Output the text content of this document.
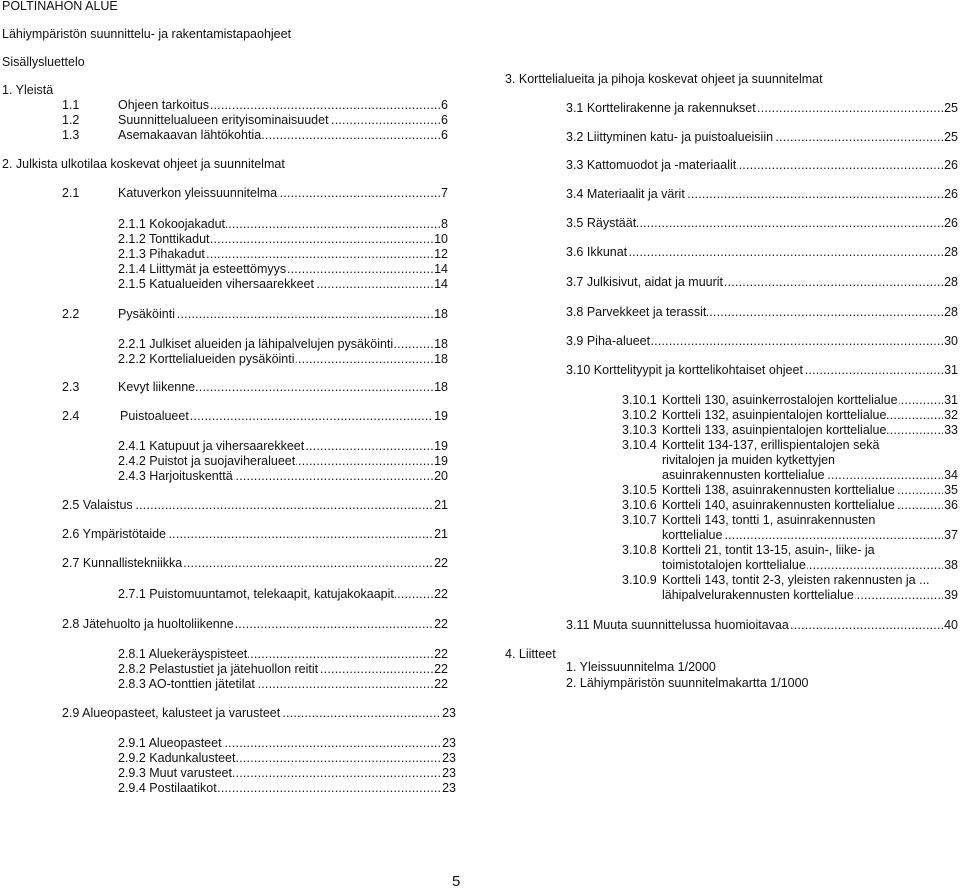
POLTINAHON ALUE
Lähiympäristön suunnittelu- ja rakentamistapaohjeet
Sisällysluettelo
1. Yleistä
1.1 .....	Ohjeen tarkoitus	6
1.2 .....	Suunnittelualueen erityisominaisuudet	6
1.3 .....	Asemakaavan lähtökohtia	6
2. Julkista ulkotilaa koskevat ohjeet ja suunnitelmat
2.1 .....	Katuverkon yleissuunnitelma	7
.....
2.1.1 Kokoojakadut	8
.....
2.1.2 Tonttikadut	10
.....
2.1.3 Pihakadut	12
.....
2.1.4 Liittymät ja esteettömyys	14
.....
2.1.5 Katualueiden vihersaarekkeet	14
2.2 .....	Pysäköinti	18
.....
2.2.1 Julkiset alueiden ja lähipalvelujen pysäköinti	18
.....
2.2.2 Korttelialueiden pysäköinti	18
2.3 .....	Kevyt liikenne	18
2.4 .....	Puistoalueet	19
.....
2.4.1 Katupuut ja vihersaarekkeet	19
.....
2.4.2 Puistot ja suojaviheralueet	19
.....
2.4.3 Harjoituskenttä	20
.....
2.5 Valaistus	21
.....
2.6 Ympäristötaide	21
.....
2.7 Kunnallistekniikka	22
.....
2.7.1 Puistomuuntamot, telekaapit, katujakokaapit	22
.....
2.8 Jätehuolto ja huoltoliikenne	22
.....
2.8.1 Aluekeräyspisteet	22
.....
2.8.2 Pelastustiet ja jätehuollon reitit	22
.....
2.8.3 AO-tonttien jätetilat	22
.....
2.9 Alueopasteet, kalusteet ja varusteet	23
.....
2.9.1 Alueopasteet	23
.....
2.9.2 Kadunkalusteet	23
.....
2.9.3 Muut varusteet	23
.....
2.9.4 Postilaatikot	23
3. Korttelialueita ja pihoja koskevat ohjeet ja suunnitelmat
.....
3.1 Korttelirakenne ja rakennukset	25
.....
3.2 Liittyminen katu- ja puistoalueisiin	25
.....
3.3 Kattomuodot ja -materiaalit	26
.....
3.4 Materiaalit ja värit	26
.....
3.5 Räystäät	26
.....
3.6 Ikkunat	28
.....
3.7 Julkisivut, aidat ja muurit	28
.....
3.8 Parvekkeet ja terassit	28
.....
3.9 Piha-alueet	30
.....
3.10 Korttelityypit ja korttelikohtaiset ohjeet	31
3.10.1 ..... Kortteli 130, asuinkerrostalojen korttelialue	31
3.10.2 ..... Kortteli 132, asuinpientalojen korttelialue	32
3.10.3 ..... Kortteli 133, asuinpientalojen korttelialue	33
3.10.4 Korttelit 134-137, erillispientalojen sekä
rivitalojen ja muiden kytkettyjen
.....
asuinrakennusten korttelialue	34
3.10.5 ..... Kortteli 138, asuinrakennusten korttelialue	35
3.10.6 ..... Kortteli 140, asuinrakennusten korttelialue	36
3.10.7 Kortteli 143, tontti 1, asuinrakennusten
.....
korttelialue	37
3.10.8 Kortteli 21, tontit 13-15, asuin-, liike- ja
.....
toimistotalojen korttelialue	38
3.10.9 Kortteli 143, tontit 2-3, yleisten rakennusten ja ...
.....
lähipalvelurakennusten korttelialue	39
.....
3.11 Muuta suunnittelussa huomioitavaa	40
4. Liitteet
1. Yleissuunnitelma 1/2000
2. Lähiympäristön suunnitelmakartta 1/1000
5
